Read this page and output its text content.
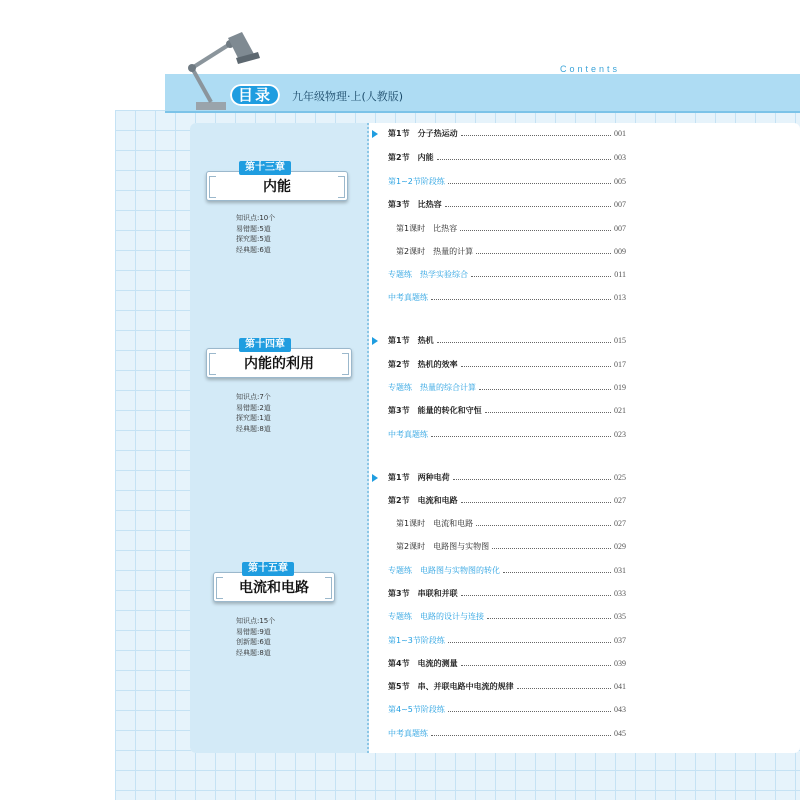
Contents
目录	九年级物理·上(人教版)
第十三章
内能
知识点:10个
易错题:5道
探究题:5道
经典题:6道
第十四章
内能的利用
知识点:7个
易错题:2道
探究题:1道
经典题:8道
第十五章
电流和电路
知识点:15个
易错题:9道
创新题:6道
经典题:8道
第1节　分子热运动	001
第2节　内能	003
第1~2节阶段练	005
第3节　比热容	007
第1课时　比热容	007
第2课时　热量的计算	009
专题练　热学实验综合	011
中考真题练	013
第1节　热机	015
第2节　热机的效率	017
专题练　热量的综合计算	019
第3节　能量的转化和守恒	021
中考真题练	023
第1节　两种电荷	025
第2节　电流和电路	027
第1课时　电流和电路	027
第2课时　电路图与实物图	029
专题练　电路图与实物图的转化	031
第3节　串联和并联	033
专题练　电路的设计与连接	035
第1~3节阶段练	037
第4节　电流的测量	039
第5节　串、并联电路中电流的规律	041
第4~5节阶段练	043
中考真题练	045
